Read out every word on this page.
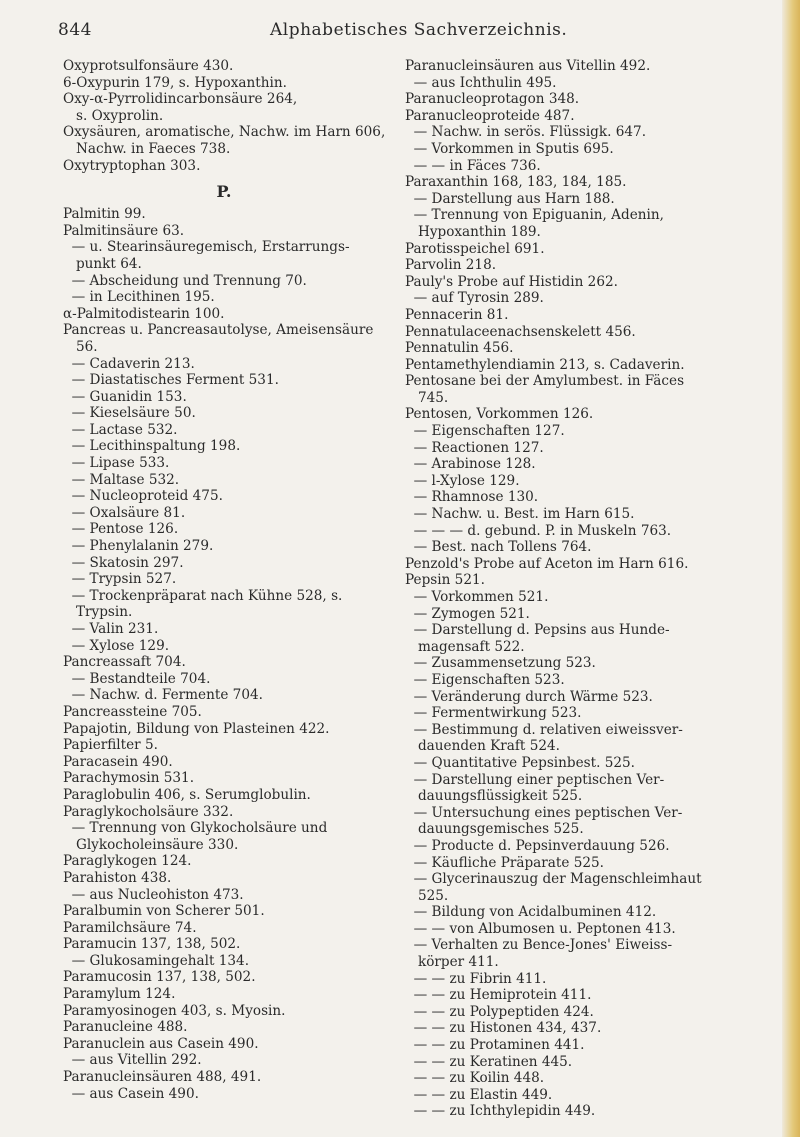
844	Alphabetisches Sachverzeichnis.
Oxyprotsulfonsäure 430.
6-Oxypurin 179, s. Hypoxanthin.
Oxy-α-Pyrrolidincarbonsäure 264,
s. Oxyprolin.
Oxysäuren, aromatische, Nachw. im Harn 606,
Nachw. in Faeces 738.
Oxytryptophan 303.
P.
Palmitin 99.
Palmitinsäure 63.
— u. Stearinsäuregemisch, Erstarrungs-
punkt 64.
— Abscheidung und Trennung 70.
— in Lecithinen 195.
α-Palmitodistearin 100.
Pancreas u. Pancreasautolyse, Ameisensäure
56.
— Cadaverin 213.
— Diastatisches Ferment 531.
— Guanidin 153.
— Kieselsäure 50.
— Lactase 532.
— Lecithinspaltung 198.
— Lipase 533.
— Maltase 532.
— Nucleoproteid 475.
— Oxalsäure 81.
— Pentose 126.
— Phenylalanin 279.
— Skatosin 297.
— Trypsin 527.
— Trockenpräparat nach Kühne 528, s.
Trypsin.
— Valin 231.
— Xylose 129.
Pancreassaft 704.
— Bestandteile 704.
— Nachw. d. Fermente 704.
Pancreassteine 705.
Papajotin, Bildung von Plasteinen 422.
Papierfilter 5.
Paracasein 490.
Parachymosin 531.
Paraglobulin 406, s. Serumglobulin.
Paraglykocholsäure 332.
— Trennung von Glykocholsäure und
Glykocholeinsäure 330.
Paraglykogen 124.
Parahiston 438.
— aus Nucleohiston 473.
Paralbumin von Scherer 501.
Paramilchsäure 74.
Paramucin 137, 138, 502.
— Glukosamingehalt 134.
Paramucosin 137, 138, 502.
Paramylum 124.
Paramyosinogen 403, s. Myosin.
Paranucleine 488.
Paranuclein aus Casein 490.
— aus Vitellin 292.
Paranucleinsäuren 488, 491.
— aus Casein 490.
Paranucleinsäuren aus Vitellin 492.
— aus Ichthulin 495.
Paranucleoprotagon 348.
Paranucleoproteide 487.
— Nachw. in serös. Flüssigk. 647.
— Vorkommen in Sputis 695.
— — in Fäces 736.
Paraxanthin 168, 183, 184, 185.
— Darstellung aus Harn 188.
— Trennung von Epiguanin, Adenin,
Hypoxanthin 189.
Parotisspeichel 691.
Parvolin 218.
Pauly's Probe auf Histidin 262.
— auf Tyrosin 289.
Pennacerin 81.
Pennatulaceenachsenskelett 456.
Pennatulin 456.
Pentamethylendiamin 213, s. Cadaverin.
Pentosane bei der Amylumbest. in Fäces
745.
Pentosen, Vorkommen 126.
— Eigenschaften 127.
— Reactionen 127.
— Arabinose 128.
— l-Xylose 129.
— Rhamnose 130.
— Nachw. u. Best. im Harn 615.
— — — d. gebund. P. in Muskeln 763.
— Best. nach Tollens 764.
Penzold's Probe auf Aceton im Harn 616.
Pepsin 521.
— Vorkommen 521.
— Zymogen 521.
— Darstellung d. Pepsins aus Hunde-
magensaft 522.
— Zusammensetzung 523.
— Eigenschaften 523.
— Veränderung durch Wärme 523.
— Fermentwirkung 523.
— Bestimmung d. relativen eiweissver-
dauenden Kraft 524.
— Quantitative Pepsinbest. 525.
— Darstellung einer peptischen Ver-
dauungsflüssigkeit 525.
— Untersuchung eines peptischen Ver-
dauungsgemisches 525.
— Producte d. Pepsinverdauung 526.
— Käufliche Präparate 525.
— Glycerinauszug der Magenschleimhaut
525.
— Bildung von Acidalbuminen 412.
— — von Albumosen u. Peptonen 413.
— Verhalten zu Bence-Jones' Eiweiss-
körper 411.
— — zu Fibrin 411.
— — zu Hemiprotein 411.
— — zu Polypeptiden 424.
— — zu Histonen 434, 437.
— — zu Protaminen 441.
— — zu Keratinen 445.
— — zu Koilin 448.
— — zu Elastin 449.
— — zu Ichthylepidin 449.
